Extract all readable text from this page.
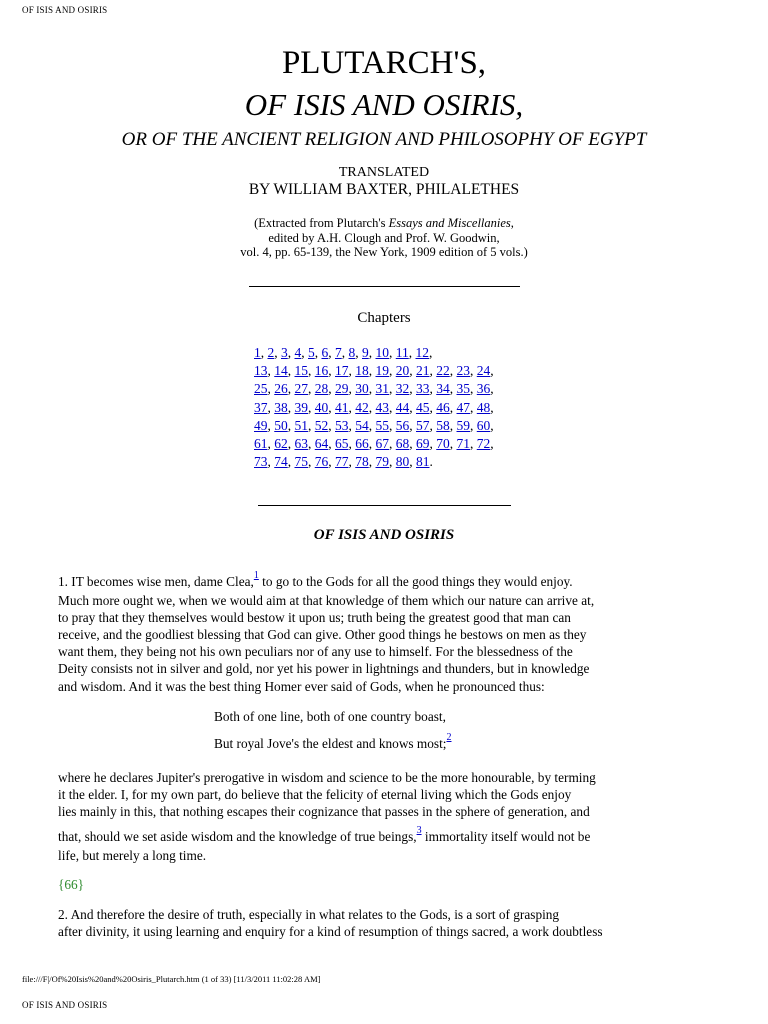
OF ISIS AND OSIRIS
PLUTARCH'S,
OF ISIS AND OSIRIS,
OR OF THE ANCIENT RELIGION AND PHILOSOPHY OF EGYPT
TRANSLATED
BY WILLIAM BAXTER, PHILALETHES
(Extracted from Plutarch's Essays and Miscellanies,
edited by A.H. Clough and Prof. W. Goodwin,
vol. 4, pp. 65-139, the New York, 1909 edition of 5 vols.)
Chapters
1, 2, 3, 4, 5, 6, 7, 8, 9, 10, 11, 12,
13, 14, 15, 16, 17, 18, 19, 20, 21, 22, 23, 24,
25, 26, 27, 28, 29, 30, 31, 32, 33, 34, 35, 36,
37, 38, 39, 40, 41, 42, 43, 44, 45, 46, 47, 48,
49, 50, 51, 52, 53, 54, 55, 56, 57, 58, 59, 60,
61, 62, 63, 64, 65, 66, 67, 68, 69, 70, 71, 72,
73, 74, 75, 76, 77, 78, 79, 80, 81.
OF ISIS AND OSIRIS

1. IT becomes wise men, dame Clea,$^1$ to go to the Gods for all the good things they would enjoy.

Much more ought we, when we would aim at that knowledge of them which our nature can arrive at,

to pray that they themselves would bestow it upon us; truth being the greatest good that man can

receive, and the goodliest blessing that God can give. Other good things he bestows on men as they

want them, they being not his own peculiars nor of any use to himself. For the blessedness of the

Deity consists not in silver and gold, nor yet his power in lightnings and thunders, but in knowledge

and wisdom. And it was the best thing Homer ever said of Gods, when he pronounced thus:

Both of one line, both of one country boast,
But royal Jove's the eldest and knows most;$^2$

where he declares Jupiter's prerogative in wisdom and science to be the more honourable, by terming

it the elder. I, for my own part, do believe that the felicity of eternal living which the Gods enjoy

lies mainly in this, that nothing escapes their cognizance that passes in the sphere of generation, and

that, should we set aside wisdom and the knowledge of true beings,$^3$ immortality itself would not be

life, but merely a long time.

{66}

2. And therefore the desire of truth, especially in what relates to the Gods, is a sort of grasping

after divinity, it using learning and enquiry for a kind of resumption of things sacred, a work doubtless

file:///F|/Of%20Isis%20and%20Osiris_Plutarch.htm (1 of 33) [11/3/2011 11:02:28 AM]
OF ISIS AND OSIRIS
